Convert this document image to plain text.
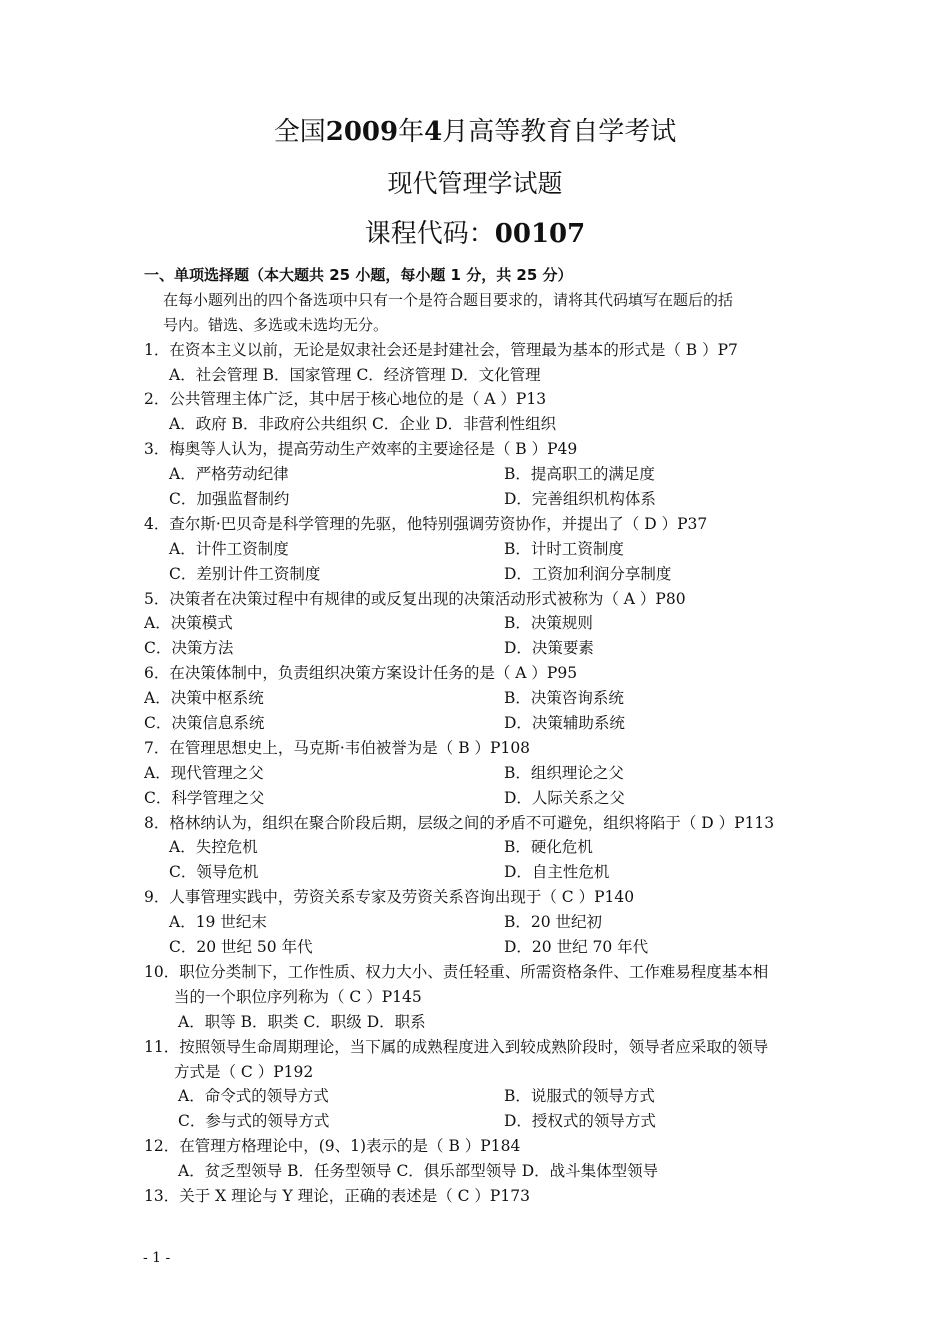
全国2009年4月高等教育自学考试
现代管理学试题
课程代码：00107
一、单项选择题（本大题共 25 小题，每小题 1 分，共 25 分）
在每小题列出的四个备选项中只有一个是符合题目要求的，请将其代码填写在题后的括
号内。错选、多选或未选均无分。
1．在资本主义以前，无论是奴隶社会还是封建社会，管理最为基本的形式是（ B ）P7
A．社会管理 B．国家管理 C．经济管理 D．文化管理
2．公共管理主体广泛，其中居于核心地位的是（ A ）P13
A．政府 B．非政府公共组织 C．企业 D．非营利性组织
3．梅奥等人认为，提高劳动生产效率的主要途径是（ B ）P49
A．严格劳动纪律	B．提高职工的满足度
C．加强监督制约	D．完善组织机构体系
4．查尔斯·巴贝奇是科学管理的先驱，他特别强调劳资协作，并提出了（ D ）P37
A．计件工资制度	B．计时工资制度
C．差别计件工资制度	D．工资加利润分享制度
5．决策者在决策过程中有规律的或反复出现的决策活动形式被称为（ A ）P80
A．决策模式	B．决策规则
C．决策方法	D．决策要素
6．在决策体制中，负责组织决策方案设计任务的是（ A ）P95
A．决策中枢系统	B．决策咨询系统
C．决策信息系统	D．决策辅助系统
7．在管理思想史上，马克斯·韦伯被誉为是（ B ）P108
A．现代管理之父	B．组织理论之父
C．科学管理之父	D．人际关系之父
8．格林纳认为，组织在聚合阶段后期，层级之间的矛盾不可避免，组织将陷于（ D ）P113
A．失控危机	B．硬化危机
C．领导危机	D．自主性危机
9．人事管理实践中，劳资关系专家及劳资关系咨询出现于（ C ）P140
A．19 世纪末	B．20 世纪初
C．20 世纪 50 年代	D．20 世纪 70 年代
10．职位分类制下，工作性质、权力大小、责任轻重、所需资格条件、工作难易程度基本相
当的一个职位序列称为（ C ）P145
A．职等 B．职类 C．职级 D．职系
11．按照领导生命周期理论，当下属的成熟程度进入到较成熟阶段时，领导者应采取的领导
方式是（ C ）P192
A．命令式的领导方式	B．说服式的领导方式
C．参与式的领导方式	D．授权式的领导方式
12．在管理方格理论中，(9、1)表示的是（ B ）P184
A．贫乏型领导 B．任务型领导 C．俱乐部型领导 D．战斗集体型领导
13．关于 X 理论与 Y 理论，正确的表述是（ C ）P173
- 1 -
